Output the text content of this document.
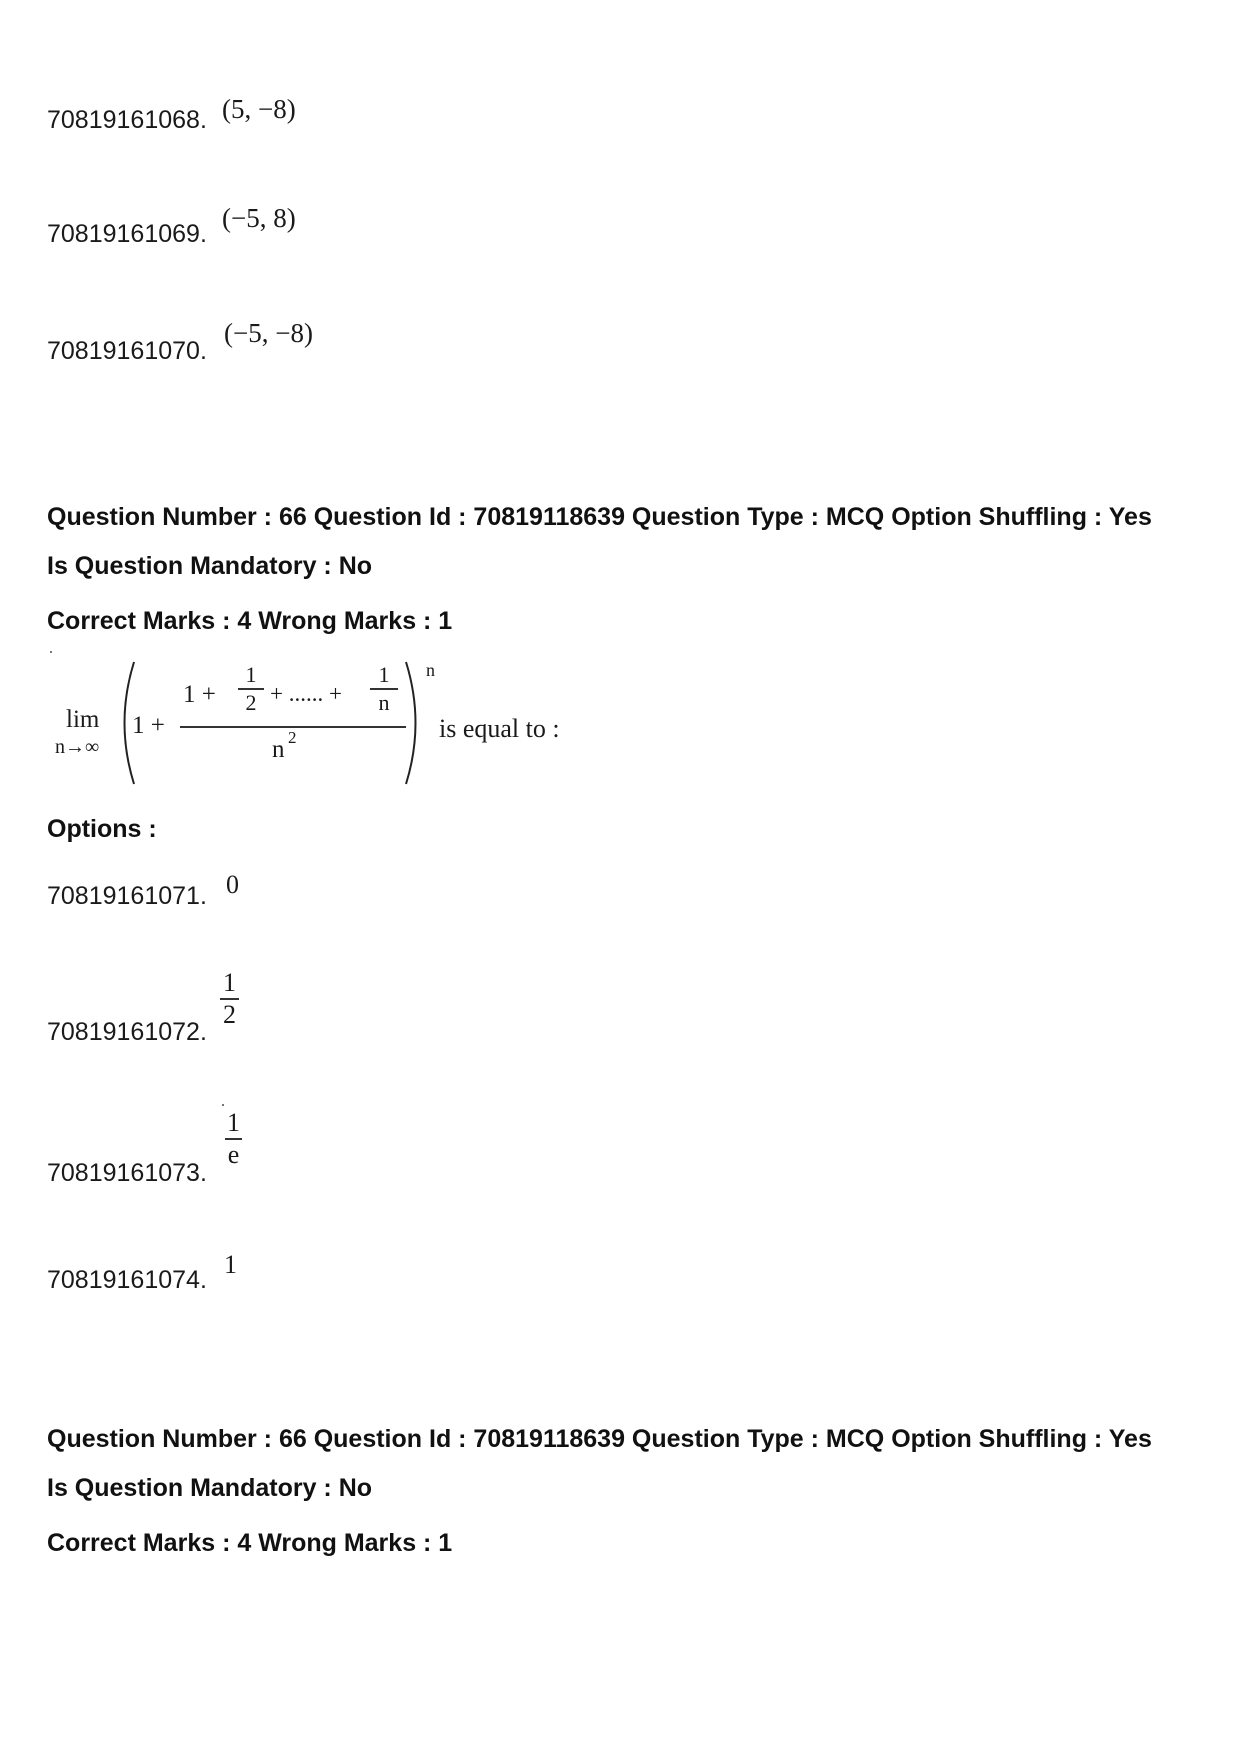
70819161068. (5, −8)
70819161069.
(−5, 8)
70819161070.
(−5, −8)
Question Number : 66 Question Id : 70819118639 Question Type : MCQ Option Shuffling : Yes
Is Question Mandatory : No
Correct Marks : 4 Wrong Marks : 1
lim
n→∞
1 +
1 +
1
2 + ...... +
1
n
n 2
n
is equal to :
Options :
70819161071. 0
70819161072.
$\frac{1}{2}$
70819161073.
$\frac{1}{e}$
70819161074.
1
Question Number : 66 Question Id : 70819118639 Question Type : MCQ Option Shuffling : Yes
Is Question Mandatory : No
Correct Marks : 4 Wrong Marks : 1
